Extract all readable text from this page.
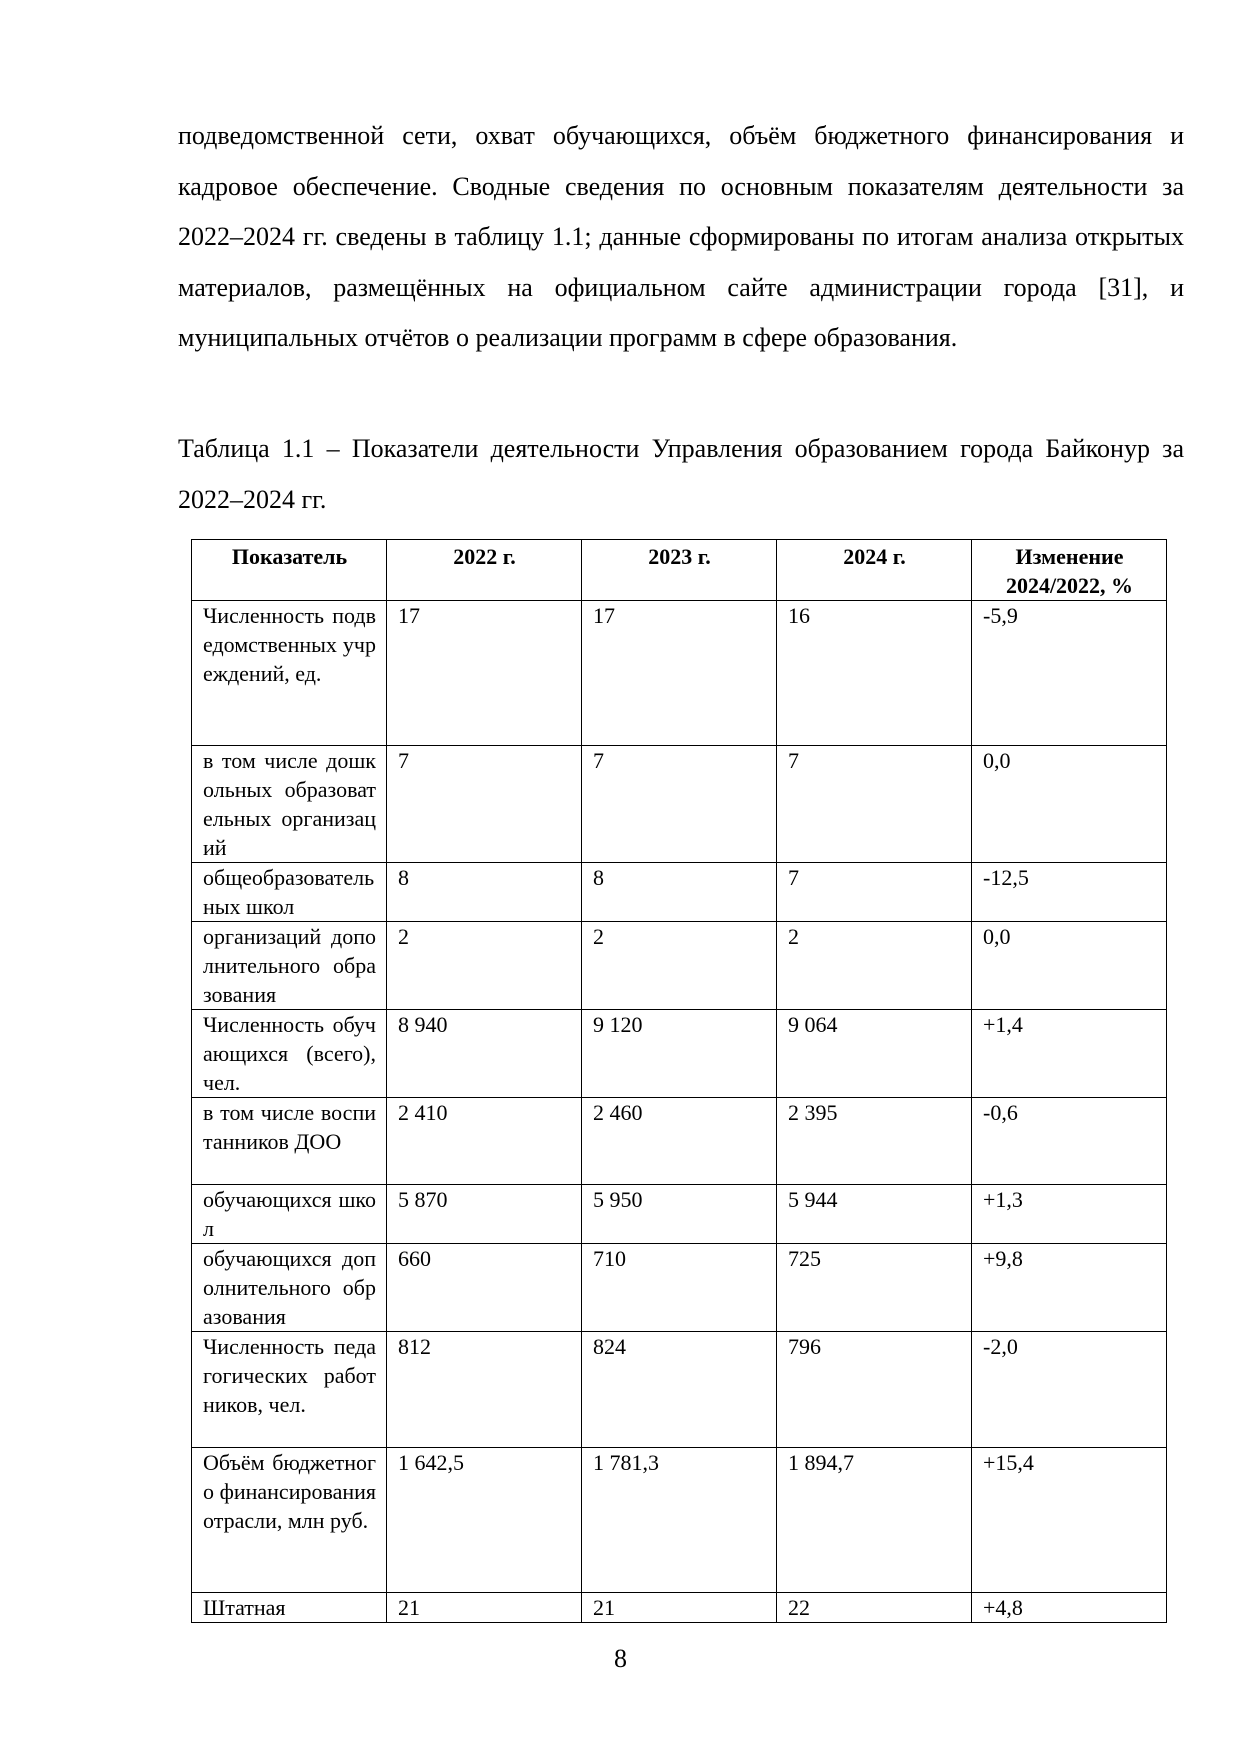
подведомственной сети, охват обучающихся, объём бюджетного финансирования и кадровое обеспечение. Сводные сведения по основным показателям деятельности за 2022–2024 гг. сведены в таблицу 1.1; данные сформированы по итогам анализа открытых материалов, размещённых на официальном сайте администрации города [31], и муниципальных отчётов о реализации программ в сфере образования.

Таблица 1.1 – Показатели деятельности Управления образованием города Байконур за 2022–2024 гг.

Показатель	2022 г.	2023 г.	2024 г.	Изменение 2024/2022, %
Численность подведомственных учреждений, ед.	17	17	16	-5,9
в том числе дошкольных образовательных организаций	7	7	7	0,0
общеобразовательных школ	8	8	7	-12,5
организаций дополнительного образования	2	2	2	0,0
Численность обучающихся (всего), чел.	8 940	9 120	9 064	+1,4
в том числе воспитанников ДОО	2 410	2 460	2 395	-0,6
обучающихся школ	5 870	5 950	5 944	+1,3
обучающихся дополнительного образования	660	710	725	+9,8
Численность педагогических работников, чел.	812	824	796	-2,0
Объём бюджетного финансирования отрасли, млн руб.	1 642,5	1 781,3	1 894,7	+15,4
Штатная	21	21	22	+4,8
8
